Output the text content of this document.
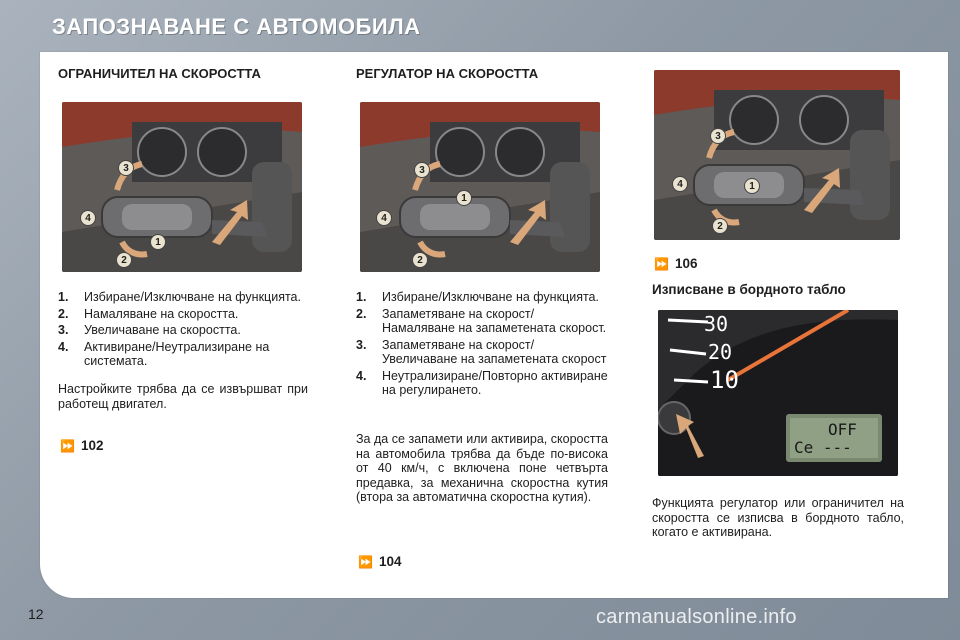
ЗАПОЗНАВАНЕ С АВТОМОБИЛА
ОГРАНИЧИТЕЛ НА СКОРОСТТА
3
4
1
2
1.	Избиране/Изключване на функцията.
2.	Намаляване на скоростта.
3.	Увеличаване на скоростта.
4.	Активиране/Неутрализиране на системата.
Настройките трябва да се извършват при работещ двигател.
⏩ 102
РЕГУЛАТОР НА СКОРОСТТА
3
1
4
2
1.	Избиране/Изключване на функцията.
2.	Запаметяване на скорост/ Намаляване на запаметената скорост.
3.	Запаметяване на скорост/ Увеличаване на запаметената скорост
4.	Неутрализиране/Повторно активиране на регулирането.
За да се запамети или активира, скоростта на автомобила трябва да бъде по-висока от 40 км/ч, с включена поне четвърта предавка, за механична скоростна кутия (втора за автоматична скоростна кутия).
⏩ 104
3
4	1
2
⏩ 106
Изписване в бордното табло
30
20
10
OFF
Ce ---
Функцията регулатор или ограничител на скоростта се изписва в бордното табло, когато е активирана.
12	carmanualsonline.info
